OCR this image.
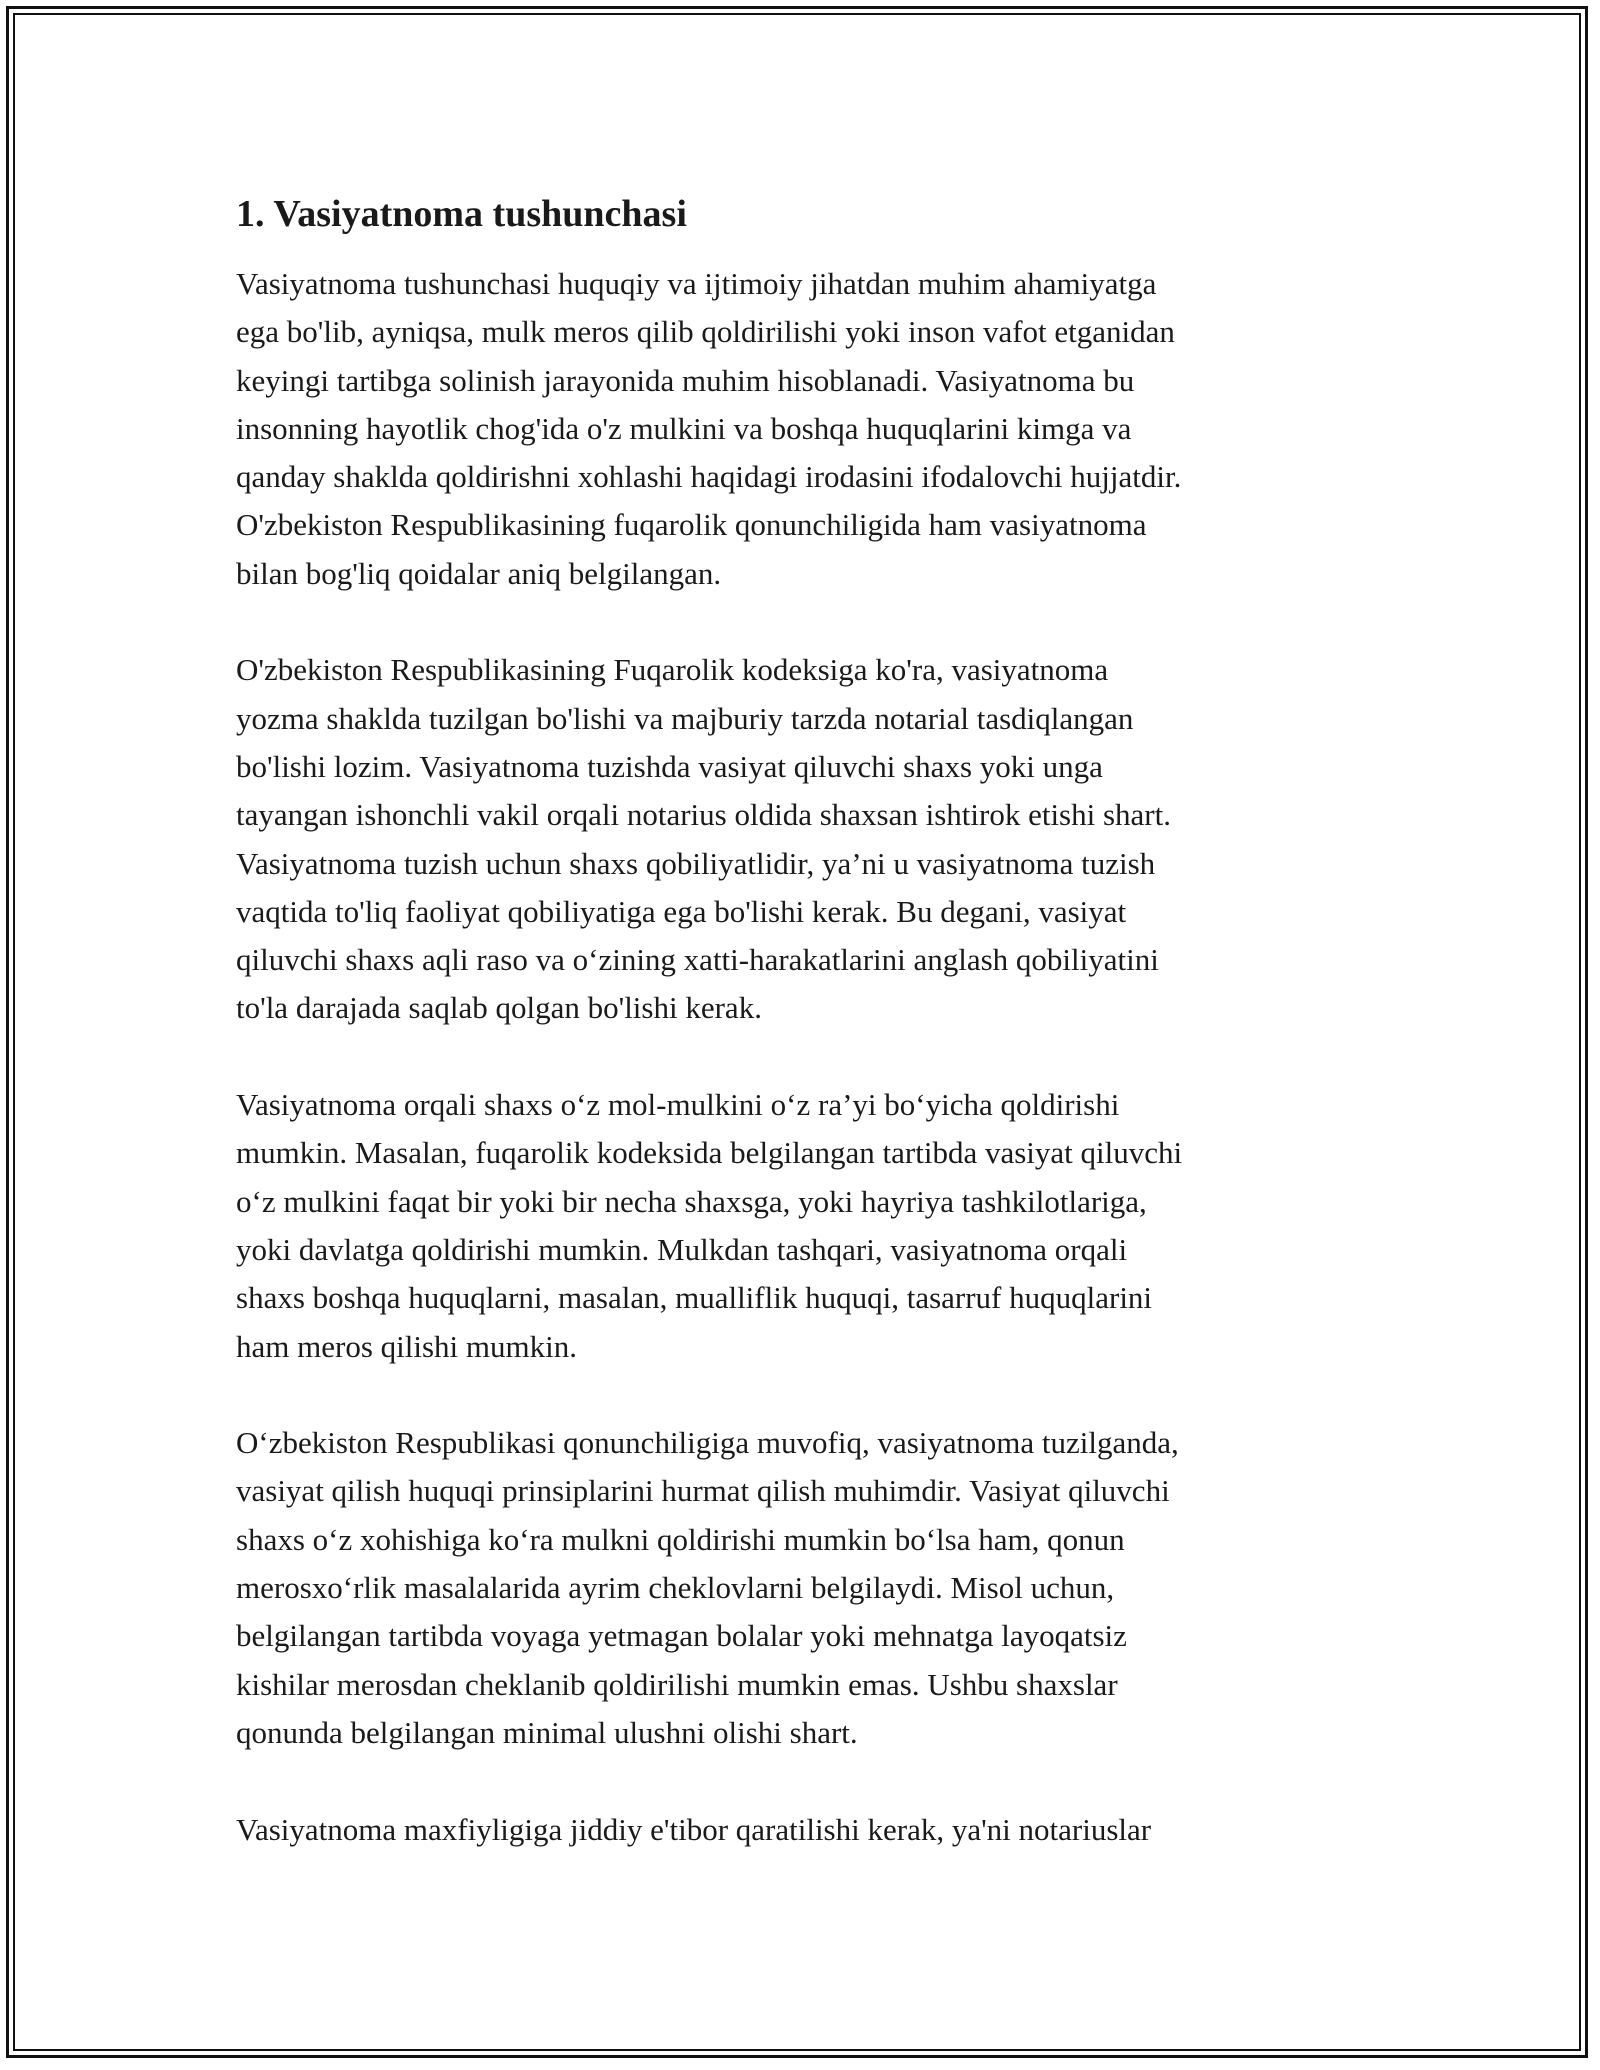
1. Vasiyatnoma tushunchasi

Vasiyatnoma tushunchasi huquqiy va ijtimoiy jihatdan muhim ahamiyatga
ega bo'lib, ayniqsa, mulk meros qilib qoldirilishi yoki inson vafot etganidan
keyingi tartibga solinish jarayonida muhim hisoblanadi. Vasiyatnoma bu
insonning hayotlik chog'ida o'z mulkini va boshqa huquqlarini kimga va
qanday shaklda qoldirishni xohlashi haqidagi irodasini ifodalovchi hujjatdir.
O'zbekiston Respublikasining fuqarolik qonunchiligida ham vasiyatnoma
bilan bog'liq qoidalar aniq belgilangan.

O'zbekiston Respublikasining Fuqarolik kodeksiga ko'ra, vasiyatnoma
yozma shaklda tuzilgan bo'lishi va majburiy tarzda notarial tasdiqlangan
bo'lishi lozim. Vasiyatnoma tuzishda vasiyat qiluvchi shaxs yoki unga
tayangan ishonchli vakil orqali notarius oldida shaxsan ishtirok etishi shart.
Vasiyatnoma tuzish uchun shaxs qobiliyatlidir, ya’ni u vasiyatnoma tuzish
vaqtida to'liq faoliyat qobiliyatiga ega bo'lishi kerak. Bu degani, vasiyat
qiluvchi shaxs aqli raso va o‘zining xatti-harakatlarini anglash qobiliyatini
to'la darajada saqlab qolgan bo'lishi kerak.

Vasiyatnoma orqali shaxs o‘z mol-mulkini o‘z ra’yi bo‘yicha qoldirishi
mumkin. Masalan, fuqarolik kodeksida belgilangan tartibda vasiyat qiluvchi
o‘z mulkini faqat bir yoki bir necha shaxsga, yoki hayriya tashkilotlariga,
yoki davlatga qoldirishi mumkin. Mulkdan tashqari, vasiyatnoma orqali
shaxs boshqa huquqlarni, masalan, mualliflik huquqi, tasarruf huquqlarini
ham meros qilishi mumkin.

O‘zbekiston Respublikasi qonunchiligiga muvofiq, vasiyatnoma tuzilganda,
vasiyat qilish huquqi prinsiplarini hurmat qilish muhimdir. Vasiyat qiluvchi
shaxs o‘z xohishiga ko‘ra mulkni qoldirishi mumkin bo‘lsa ham, qonun
merosxo‘rlik masalalarida ayrim cheklovlarni belgilaydi. Misol uchun,
belgilangan tartibda voyaga yetmagan bolalar yoki mehnatga layoqatsiz
kishilar merosdan cheklanib qoldirilishi mumkin emas. Ushbu shaxslar
qonunda belgilangan minimal ulushni olishi shart.

Vasiyatnoma maxfiyligiga jiddiy e'tibor qaratilishi kerak, ya'ni notariuslar
